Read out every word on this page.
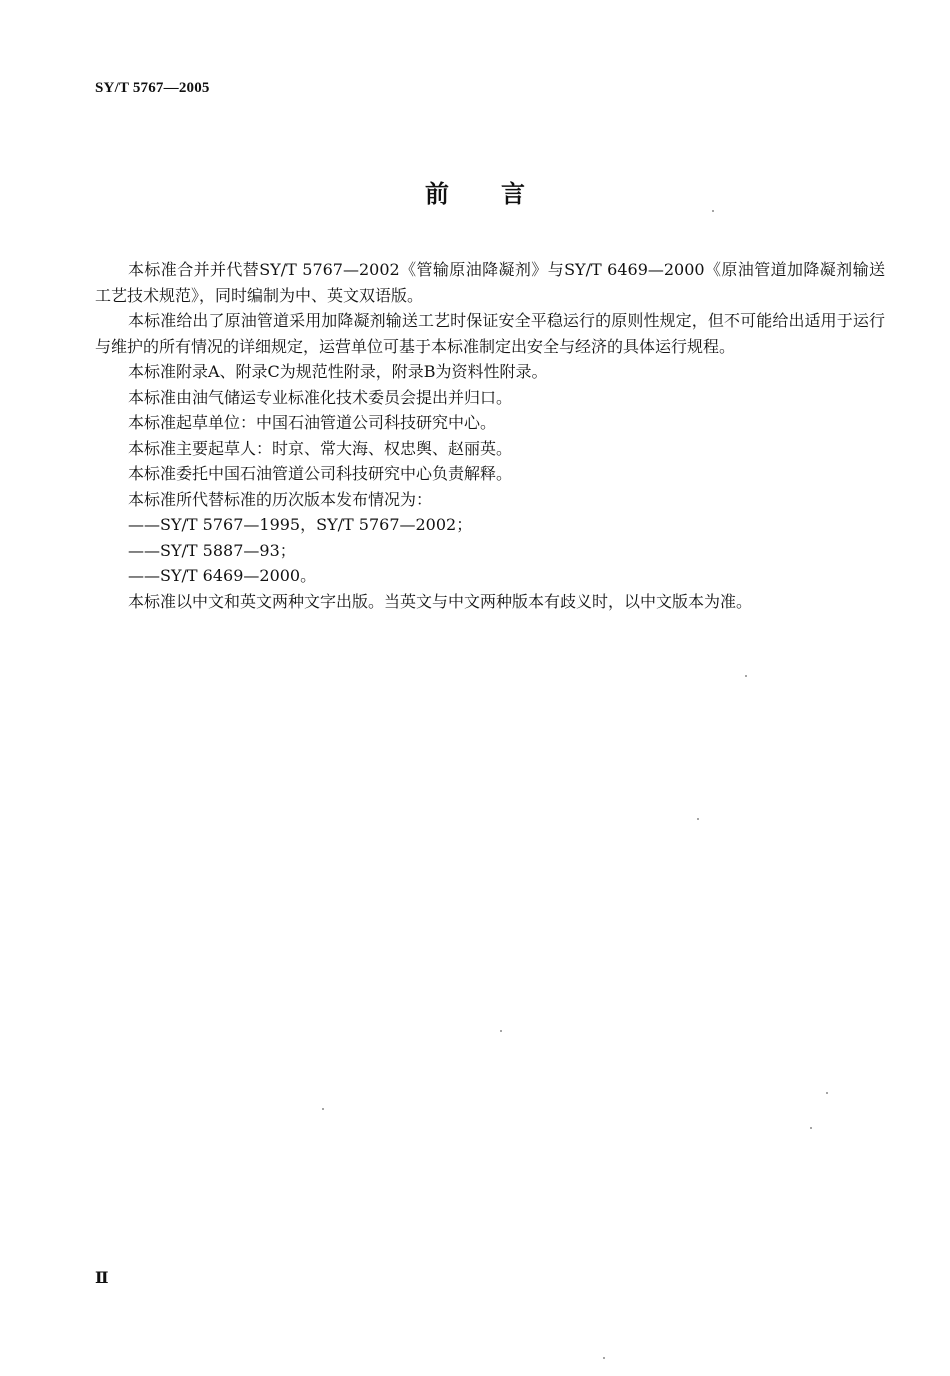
SY/T 5767—2005
前言

本标准合并并代替SY/T 5767—2002《管输原油降凝剂》与SY/T 6469—2000《原油管道加降凝剂输送工艺技术规范》，同时编制为中、英文双语版。

本标准给出了原油管道采用加降凝剂输送工艺时保证安全平稳运行的原则性规定，但不可能给出适用于运行与维护的所有情况的详细规定，运营单位可基于本标准制定出安全与经济的具体运行规程。

本标准附录A、附录C为规范性附录，附录B为资料性附录。

本标准由油气储运专业标准化技术委员会提出并归口。

本标准起草单位：中国石油管道公司科技研究中心。

本标准主要起草人：时京、常大海、权忠舆、赵丽英。

本标准委托中国石油管道公司科技研究中心负责解释。

本标准所代替标准的历次版本发布情况为：

——SY/T 5767—1995，SY/T 5767—2002；

——SY/T 5887—93；

——SY/T 6469—2000。

本标准以中文和英文两种文字出版。当英文与中文两种版本有歧义时，以中文版本为准。

Ⅱ
